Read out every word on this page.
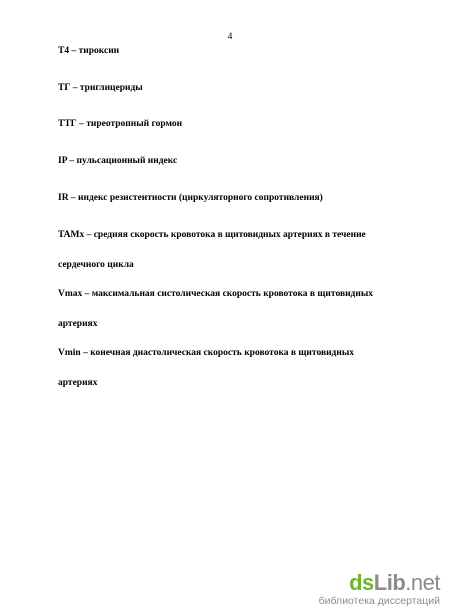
4
Т4 – тироксин
ТГ – триглицериды
ТТГ – тиреотропный гормон
IP – пульсационный индекс
IR – индекс резистентности (циркуляторного сопротивления)
TAMx – средняя скорость кровотока в щитовидных артериях в течение
сердечного цикла
Vmax – максимальная систолическая скорость кровотока в щитовидных
артериях
Vmin – конечная диастолическая скорость кровотока в щитовидных
артериях
dsLib.net
библиотека диссертаций
